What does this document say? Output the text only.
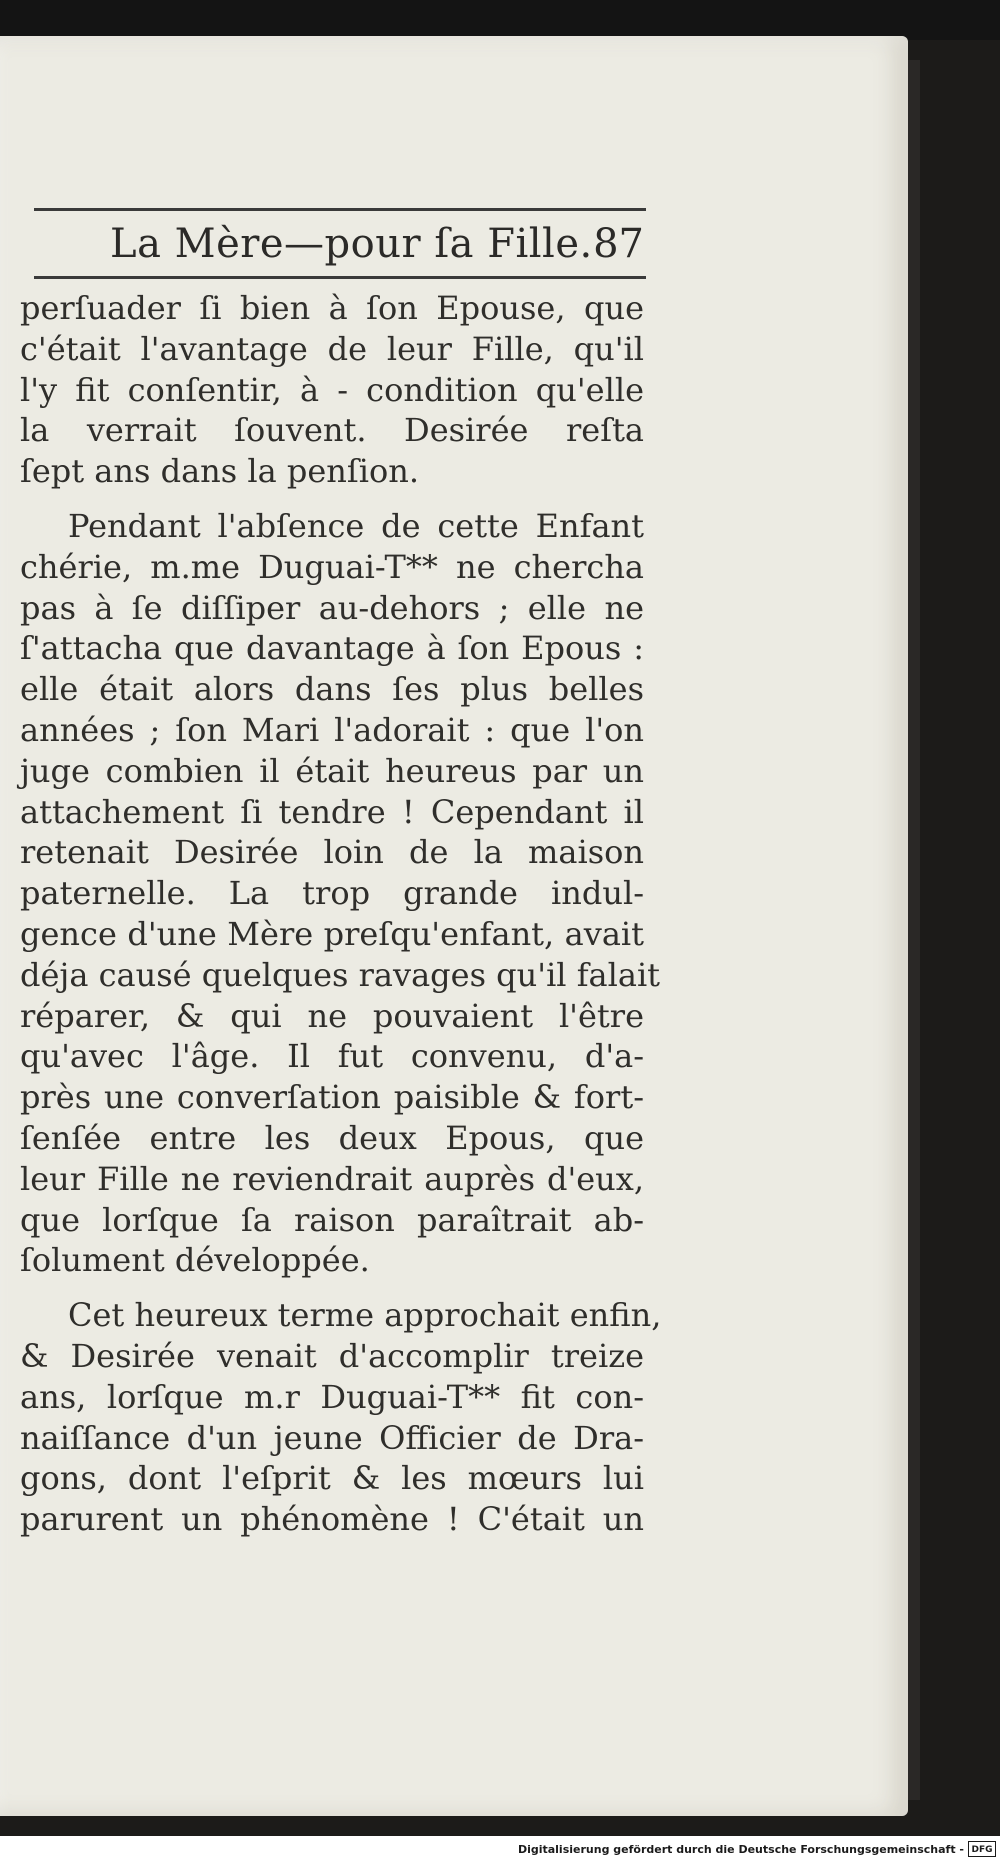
La Mère—pour ſa Fille. 87
perſuader ſi bien à ſon Epouse, que
c'était l'avantage de leur Fille, qu'il
l'y fit conſentir, à - condition qu'elle
la verrait ſouvent. Desirée reſta
ſept ans dans la penſion.
Pendant l'abſence de cette Enfant
chérie, m.me Duguai-T** ne chercha
pas à ſe diſſiper au-dehors ; elle ne
ſ'attacha que davantage à ſon Epous :
elle était alors dans ſes plus belles
années ; ſon Mari l'adorait : que l'on
juge combien il était heureus par un
attachement ſi tendre ! Cependant il
retenait Desirée loin de la maison
paternelle. La trop grande indul-
gence d'une Mère preſqu'enfant, avait
déja causé quelques ravages qu'il falait
réparer, & qui ne pouvaient l'être
qu'avec l'âge. Il fut convenu, d'a-
près une converſation paisible & fort-
ſenſée entre les deux Epous, que
leur Fille ne reviendrait auprès d'eux,
que lorſque ſa raison paraîtrait ab-
ſolument développée.
Cet heureux terme approchait enfin,
& Desirée venait d'accomplir treize
ans, lorſque m.r Duguai-T** fit con-
naiſſance d'un jeune Officier de Dra-
gons, dont l'eſprit & les mœurs lui
parurent un phénomène ! C'était un
Digitalisierung gefördert durch die Deutsche Forschungsgemeinschaft - DFG
